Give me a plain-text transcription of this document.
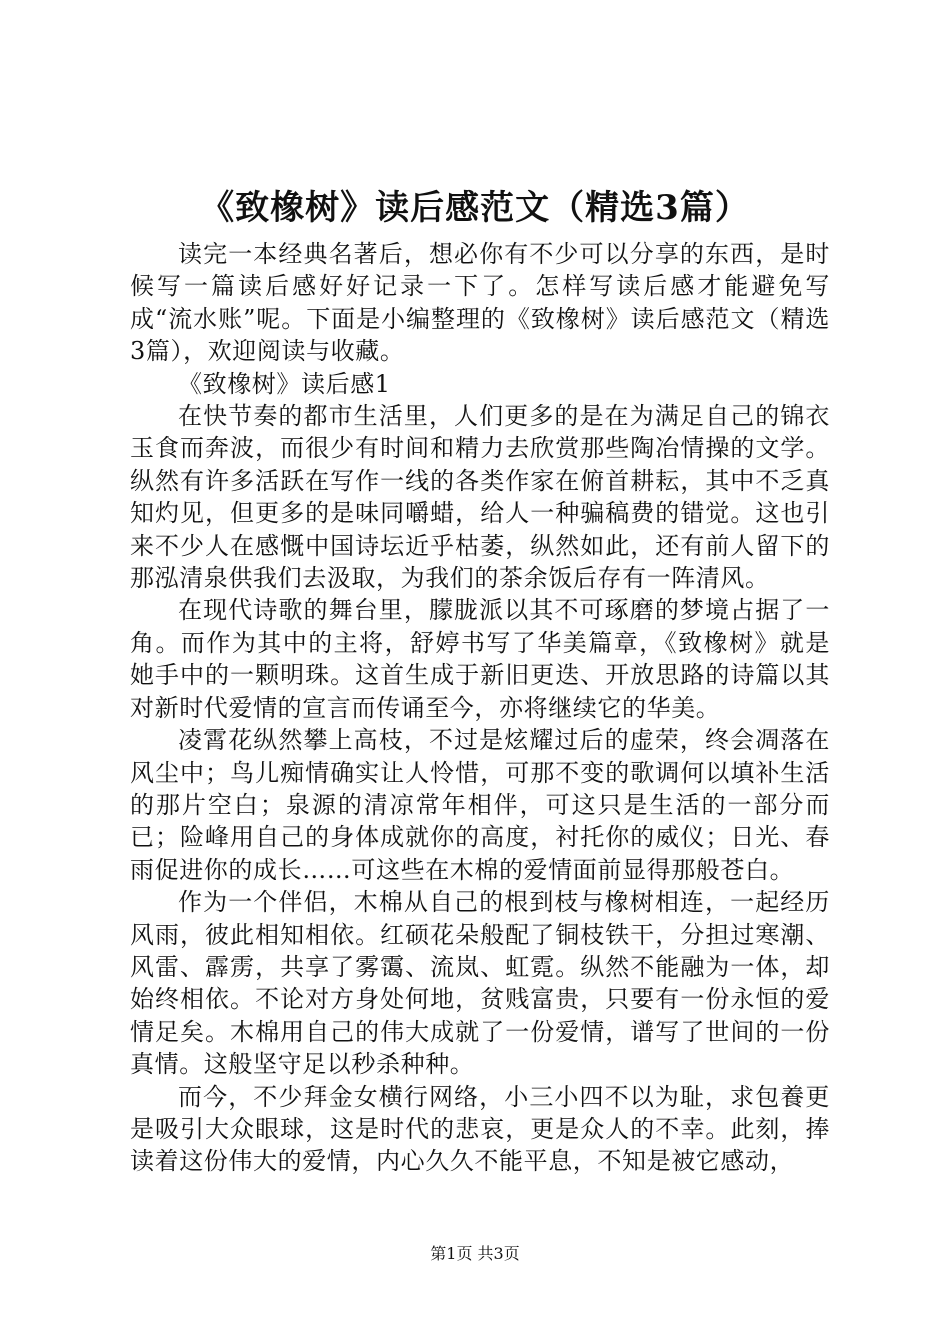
《致橡树》读后感范文（精选3篇）

读完一本经典名著后，想必你有不少可以分享的东西，是时候写一篇读后感好好记录一下了。怎样写读后感才能避免写成“流水账”呢。下面是小编整理的《致橡树》读后感范文（精选3篇），欢迎阅读与收藏。

《致橡树》读后感1

在快节奏的都市生活里，人们更多的是在为满足自己的锦衣玉食而奔波，而很少有时间和精力去欣赏那些陶冶情操的文学。纵然有许多活跃在写作一线的各类作家在俯首耕耘，其中不乏真知灼见，但更多的是味同嚼蜡，给人一种骗稿费的错觉。这也引来不少人在感慨中国诗坛近乎枯萎，纵然如此，还有前人留下的那泓清泉供我们去汲取，为我们的茶余饭后存有一阵清风。

在现代诗歌的舞台里，朦胧派以其不可琢磨的梦境占据了一角。而作为其中的主将，舒婷书写了华美篇章，《致橡树》就是她手中的一颗明珠。这首生成于新旧更迭、开放思路的诗篇以其对新时代爱情的宣言而传诵至今，亦将继续它的华美。

凌霄花纵然攀上高枝，不过是炫耀过后的虚荣，终会凋落在风尘中；鸟儿痴情确实让人怜惜，可那不变的歌调何以填补生活的那片空白；泉源的清凉常年相伴，可这只是生活的一部分而已；险峰用自己的身体成就你的高度，衬托你的威仪；日光、春雨促进你的成长……可这些在木棉的爱情面前显得那般苍白。

作为一个伴侣，木棉从自己的根到枝与橡树相连，一起经历风雨，彼此相知相依。红硕花朵般配了铜枝铁干，分担过寒潮、风雷、霹雳，共享了雾霭、流岚、虹霓。纵然不能融为一体，却始终相依。不论对方身处何地，贫贱富贵，只要有一份永恒的爱情足矣。木棉用自己的伟大成就了一份爱情，谱写了世间的一份真情。这般坚守足以秒杀种种。

而今，不少拜金女横行网络，小三小四不以为耻，求包養更是吸引大众眼球，这是时代的悲哀，更是众人的不幸。此刻，捧读着这份伟大的爱情，内心久久不能平息，不知是被它感动，

第1页 共3页
